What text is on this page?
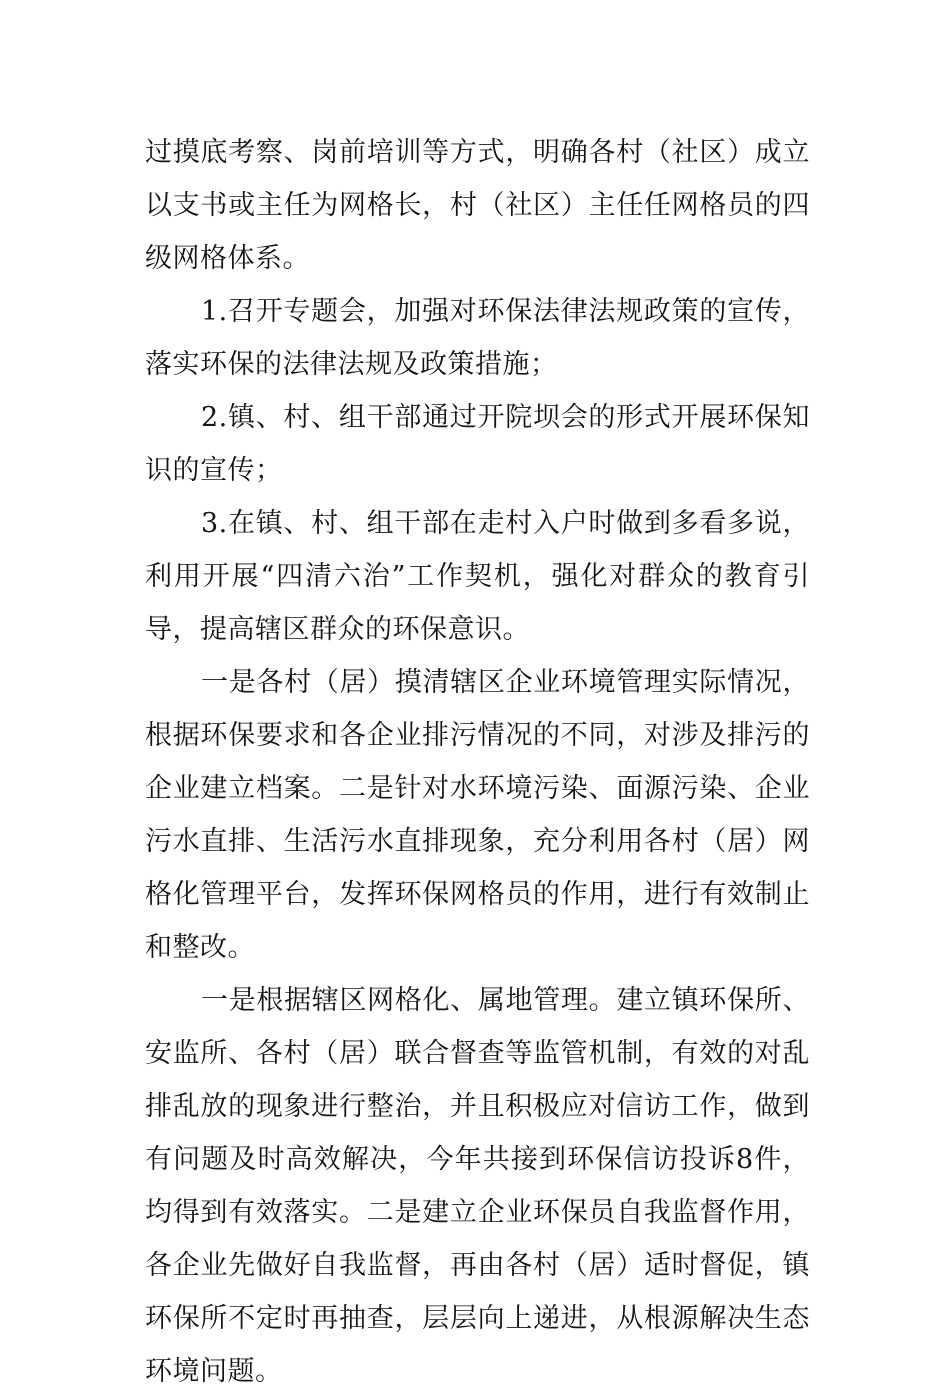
过摸底考察、岗前培训等方式，明确各村（社区）成立以支书或主任为网格长，村（社区）主任任网格员的四级网格体系。

1.召开专题会，加强对环保法律法规政策的宣传，落实环保的法律法规及政策措施；

2.镇、村、组干部通过开院坝会的形式开展环保知识的宣传；

3.在镇、村、组干部在走村入户时做到多看多说，利用开展“四清六治”工作契机，强化对群众的教育引导，提高辖区群众的环保意识。

一是各村（居）摸清辖区企业环境管理实际情况，根据环保要求和各企业排污情况的不同，对涉及排污的企业建立档案。二是针对水环境污染、面源污染、企业污水直排、生活污水直排现象，充分利用各村（居）网格化管理平台，发挥环保网格员的作用，进行有效制止和整改。

一是根据辖区网格化、属地管理。建立镇环保所、安监所、各村（居）联合督查等监管机制，有效的对乱排乱放的现象进行整治，并且积极应对信访工作，做到有问题及时高效解决，今年共接到环保信访投诉8件，均得到有效落实。二是建立企业环保员自我监督作用，各企业先做好自我监督，再由各村（居）适时督促，镇环保所不定时再抽查，层层向上递进，从根源解决生态环境问题。
